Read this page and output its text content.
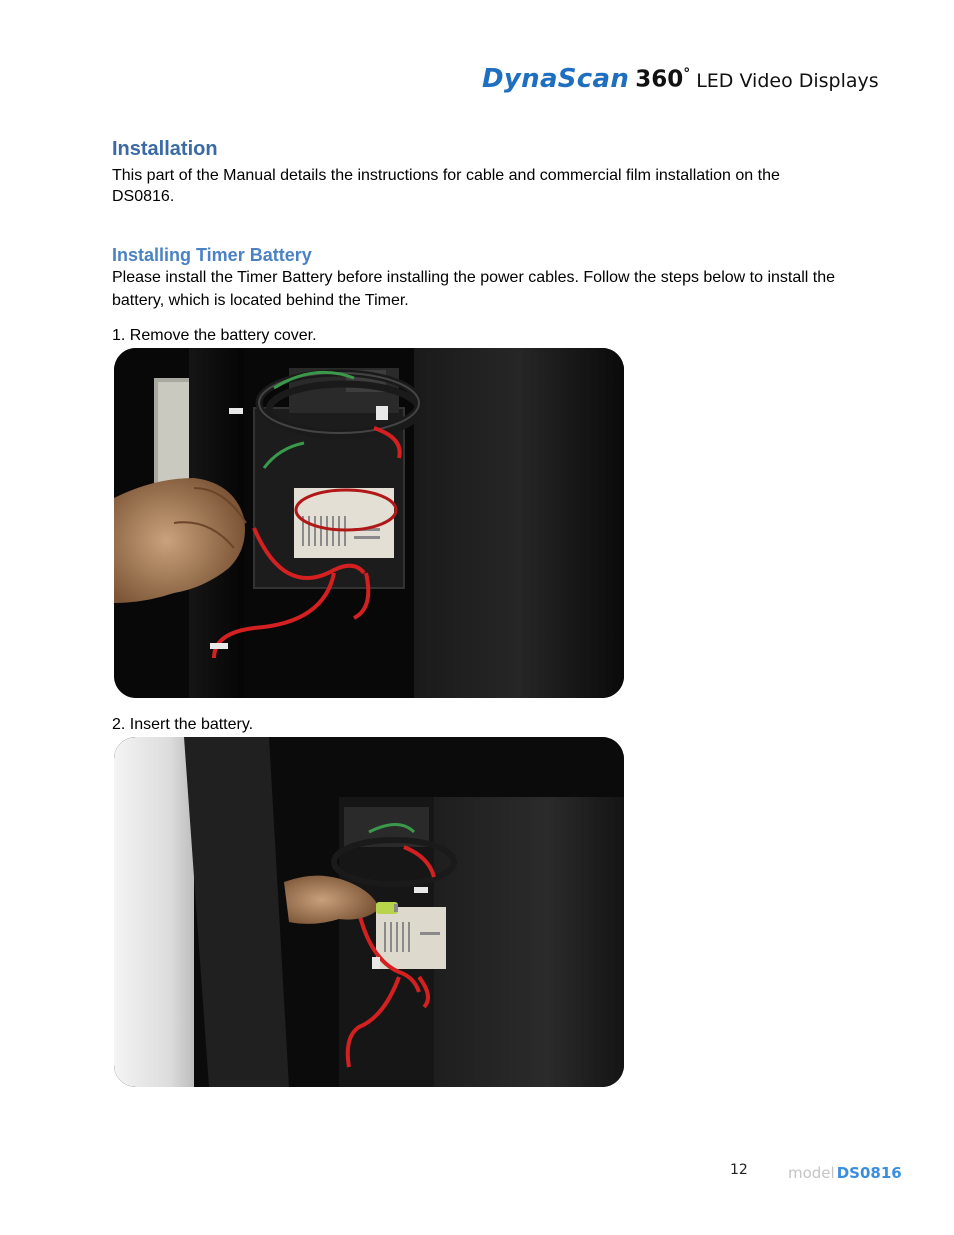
DynaScan 360° LED Video Displays
Installation

This part of the Manual details the instructions for cable and commercial film installation on the DS0816.

Installing Timer Battery

Please install the Timer Battery before installing the power cables. Follow the steps below to install the battery, which is located behind the Timer.

1. Remove the battery cover.

2. Insert the battery.

12	model DS0816
